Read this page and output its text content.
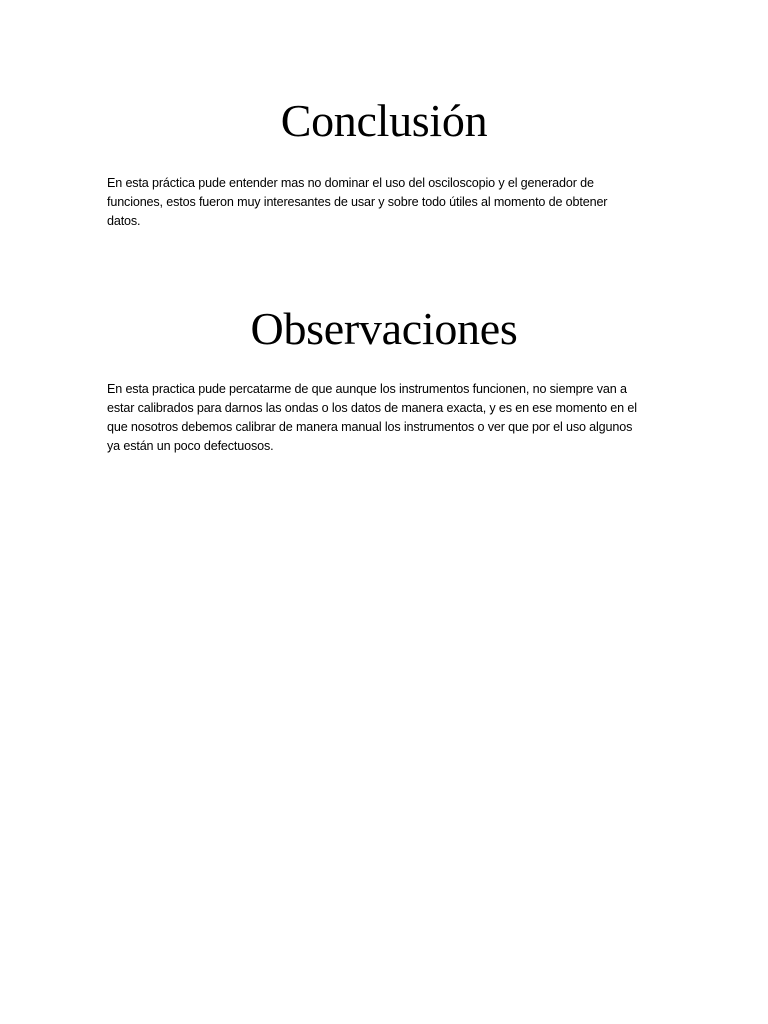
Conclusión

En esta práctica pude entender mas no dominar el uso del osciloscopio y el generador de
funciones, estos fueron muy interesantes de usar y sobre todo útiles al momento de obtener
datos.

Observaciones

En esta practica pude percatarme de que aunque los instrumentos funcionen, no siempre van a
estar calibrados para darnos las ondas o los datos de manera exacta, y es en ese momento en el
que nosotros debemos calibrar de manera manual los instrumentos o ver que por el uso algunos
ya están un poco defectuosos.
